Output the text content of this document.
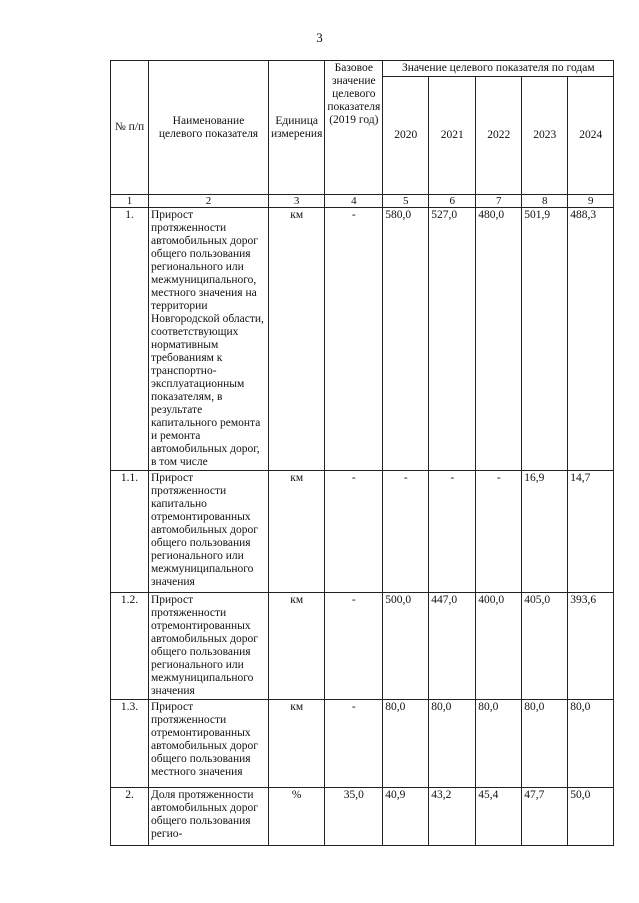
3
№ п/п	Наименование целевого показателя	Единица измерения	Базовое значение целевого показателя (2019 год)	Значение целевого показателя по годам				
				2020	2021	2022	2023	2024
1	2	3	4	5	6	7	8	9
1.	Прирост протяженности автомобильных дорог общего пользования регионального или межмуниципального, местного значения на территории Новгородской области, соответствующих нормативным требованиям к транспортно-эксплуатационным показателям, в результате капитального ремонта и ремонта автомобильных дорог, в том числе	км	-	580,0	527,0	480,0	501,9	488,3
1.1.	Прирост протяженности капитально отремонтированных автомобильных дорог общего пользования регионального или межмуниципального значения	км	-	-	-	-	16,9	14,7
1.2.	Прирост протяженности отремонтированных автомобильных дорог общего пользования регионального или межмуниципального значения	км	-	500,0	447,0	400,0	405,0	393,6
1.3.	Прирост протяженности отремонтированных автомобильных дорог общего пользования местного значения	км	-	80,0	80,0	80,0	80,0	80,0
2.	Доля протяженности автомобильных дорог общего пользования регио-	%	35,0	40,9	43,2	45,4	47,7	50,0
